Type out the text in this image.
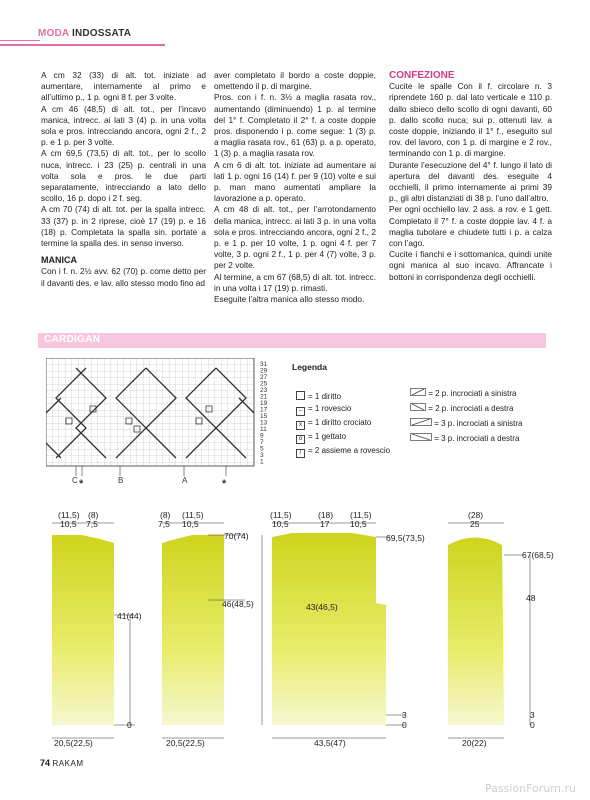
MODA INDOSSATA

A cm 32 (33) di alt. tot. iniziate ad aumentare, internamente al primo e all’ultimo p., 1 p. ogni 8 f. per 3 volte.

A cm 46 (48,5) di alt. tot., per l’incavo manica, intrecc. ai lati 3 (4) p. in una volta sola e pros. intrecciando ancora, ogni 2 f., 2 p. e 1 p. per 3 volte.

A cm 69,5 (73,5) di alt. tot., per lo scollo nuca, intrecc. i 23 (25) p. centrali in una volta sola e pros. le due parti separatamente, intrecciando a lato dello scollo, 16 p. dopo i 2 f. seg.

A cm 70 (74) di alt. tot. per la spalla intrecc. 33 (37) p. in 2 riprese, cioè 17 (19) p. e 16 (18) p. Completata la spalla sin. portate a termine la spalla des. in senso inverso.

MANICA

Con i f. n. 2½ avv. 62 (70) p. come detto per il davanti des. e lav. allo stesso modo fino ad

aver completato il bordo a coste doppie, omettendo il p. di margine.

Pros. con i f. n. 3½ a maglia rasata rov., aumentando (diminuendo) 1 p. al termine del 1° f. Completato il 2° f. a coste doppie pros. disponendo i p. come segue: 1 (3) p. a maglia rasata rov., 61 (63) p. a p. operato, 1 (3) p. a maglia rasata rov.

A cm 6 di alt. tot. iniziate ad aumentare ai lati 1 p. ogni 16 (14) f. per 9 (10) volte e sui p. man mano aumentati ampliare la lavorazione a p. operato.

A cm 48 di alt. tot., per l’arrotondamento della manica, intrecc. ai lati 3 p. in una volta sola e pros. intrecciando ancora, ogni 2 f., 2 p. e 1 p. per 10 volte, 1 p. ogni 4 f. per 7 volte, 3 p. ogni 2 f., 1 p. per 4 (7) volte, 3 p. per 2 volte.

Al termine, a cm 67 (68,5) di alt. tot. intrecc. in una volta i 17 (19) p. rimasti.

Eseguite l’altra manica allo stesso modo.

CONFEZIONE

Cucite le spalle Con il f. circolare n. 3 riprendete 160 p. dal lato verticale e 110 p. dallo sbieco dello scollo di ogni davanti, 60 p. dallo scollo nuca; sui p. ottenuti lav. a coste doppie, iniziando il 1° f., eseguito sul rov. del lavoro, con 1 p. di margine e 2 rov., terminando con 1 p. di margine.

Durante l’esecuzione del 4° f. lungo il lato di apertura del davanti des. eseguite 4 occhielli, il primo internamente ai primi 39 p., gli altri distanziati di 38 p. l’uno dall’altro.

Per ogni occhiello lav. 2 ass. a rov. e 1 gett. Completato il 7° f. a coste doppie lav. 4 f. a maglia tubolare e chiudete tutti i p. a calza con l’ago.

Cucite i fianchi e i sottomanica, quindi unite ogni manica al suo incavo. Affrancate i bottoni in corrispondenza degli occhielli.

CARDIGAN
31
29
27
25
23
21
19
17
15
13
11
9
7
5
3
1
C	B	A
*	*
Legenda
= 1 diritto
– = 1 rovescio
x = 1 diritto crociato
o = 1 gettato
/ = 2 assieme a rovescio
= 2 p. incrociati a sinistra
= 2 p. incrociati a destra
= 3 p. incrociati a sinistra
= 3 p. incrociati a destra
(11,5) (8)
10,5 7,5
41(44)
0
20,5(22,5)
(8) (11,5)
7,5 10,5
70(74)
46(48,5)
20,5(22,5)
(11,5)	(18) (11,5)
10,5	17 10,5
69,5(73,5)
43(46,5)
3
0
43,5(47)
(28)
25
67(68,5)
48
3
0
20(22)
74 RAKAM
PassionForum.ru
